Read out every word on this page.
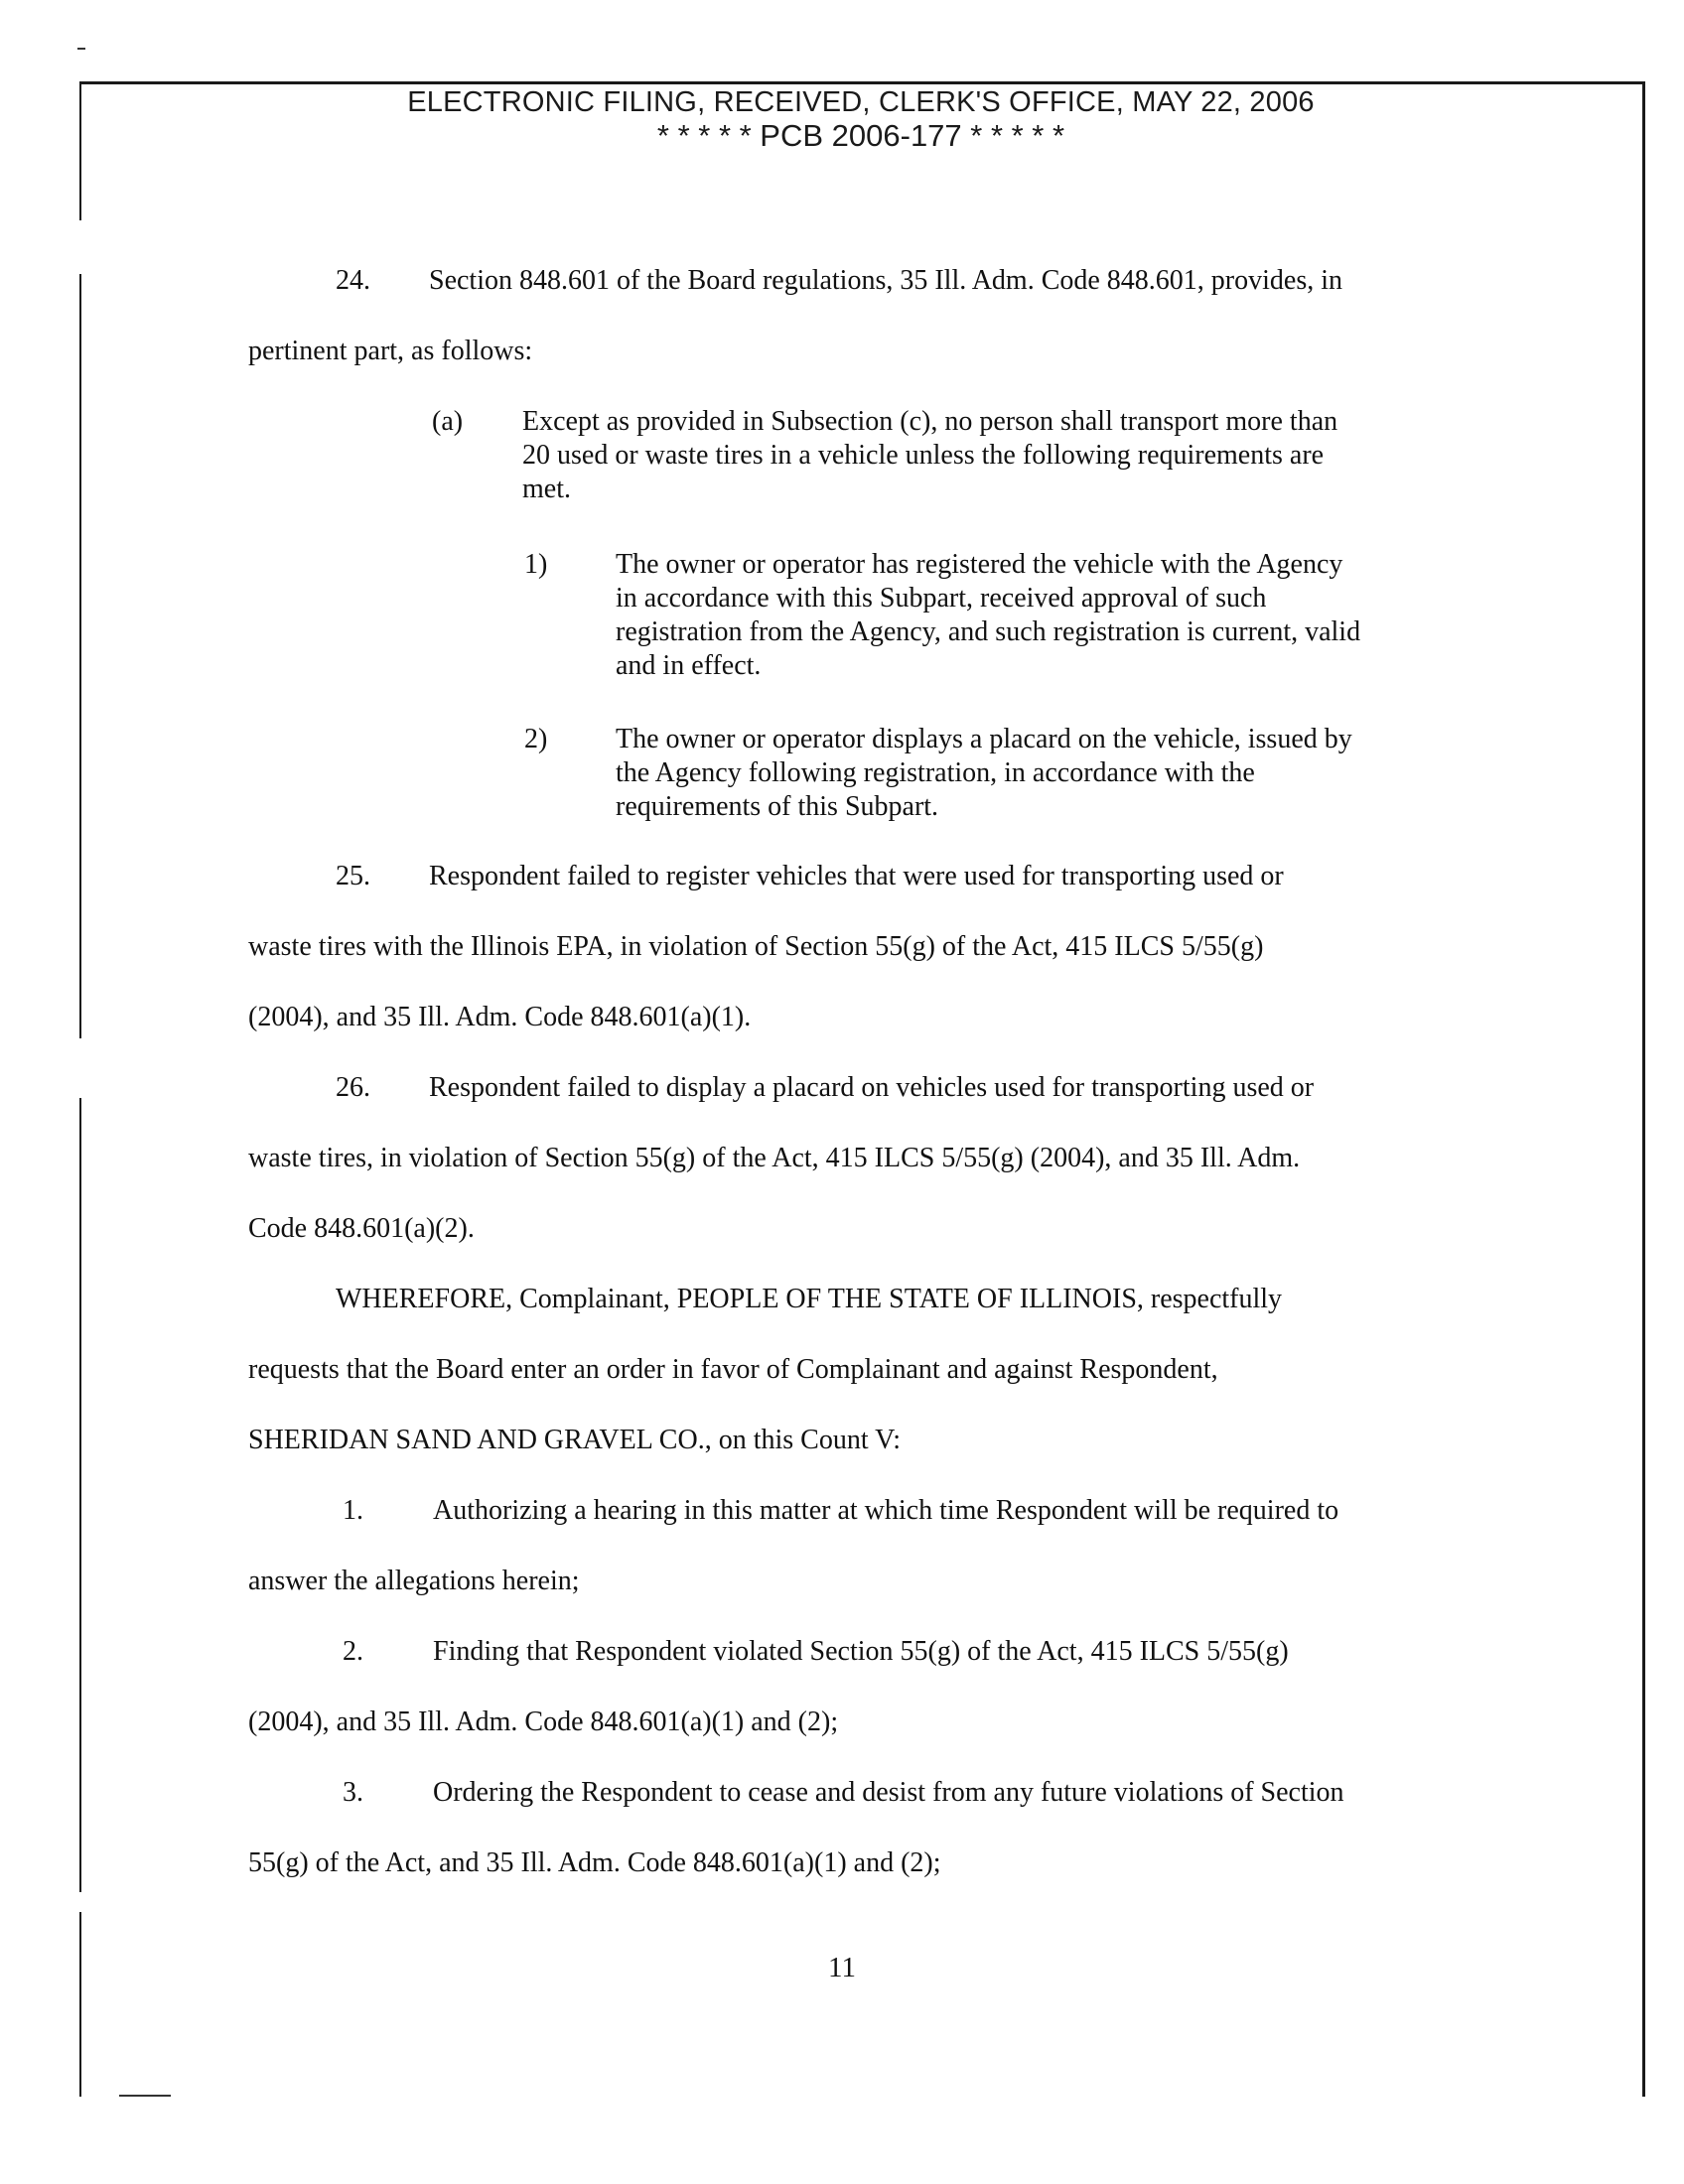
ELECTRONIC FILING, RECEIVED, CLERK'S OFFICE, MAY 22, 2006
* * * * * PCB 2006-177 * * * * *
24. Section 848.601 of the Board regulations, 35 Ill. Adm. Code 848.601, provides, in
pertinent part, as follows:
(a) Except as provided in Subsection (c), no person shall transport more than
20 used or waste tires in a vehicle unless the following requirements are
met.
1) The owner or operator has registered the vehicle with the Agency
in accordance with this Subpart, received approval of such
registration from the Agency, and such registration is current, valid
and in effect.
2) The owner or operator displays a placard on the vehicle, issued by
the Agency following registration, in accordance with the
requirements of this Subpart.
25. Respondent failed to register vehicles that were used for transporting used or
waste tires with the Illinois EPA, in violation of Section 55(g) of the Act, 415 ILCS 5/55(g)
(2004), and 35 Ill. Adm. Code 848.601(a)(1).
26. Respondent failed to display a placard on vehicles used for transporting used or
waste tires, in violation of Section 55(g) of the Act, 415 ILCS 5/55(g) (2004), and 35 Ill. Adm.
Code 848.601(a)(2).
WHEREFORE, Complainant, PEOPLE OF THE STATE OF ILLINOIS, respectfully
requests that the Board enter an order in favor of Complainant and against Respondent,
SHERIDAN SAND AND GRAVEL CO., on this Count V:
1.	Authorizing a hearing in this matter at which time Respondent will be required to
answer the allegations herein;
2.	Finding that Respondent violated Section 55(g) of the Act, 415 ILCS 5/55(g)
(2004), and 35 Ill. Adm. Code 848.601(a)(1) and (2);
3.	Ordering the Respondent to cease and desist from any future violations of Section
55(g) of the Act, and 35 Ill. Adm. Code 848.601(a)(1) and (2);
11
